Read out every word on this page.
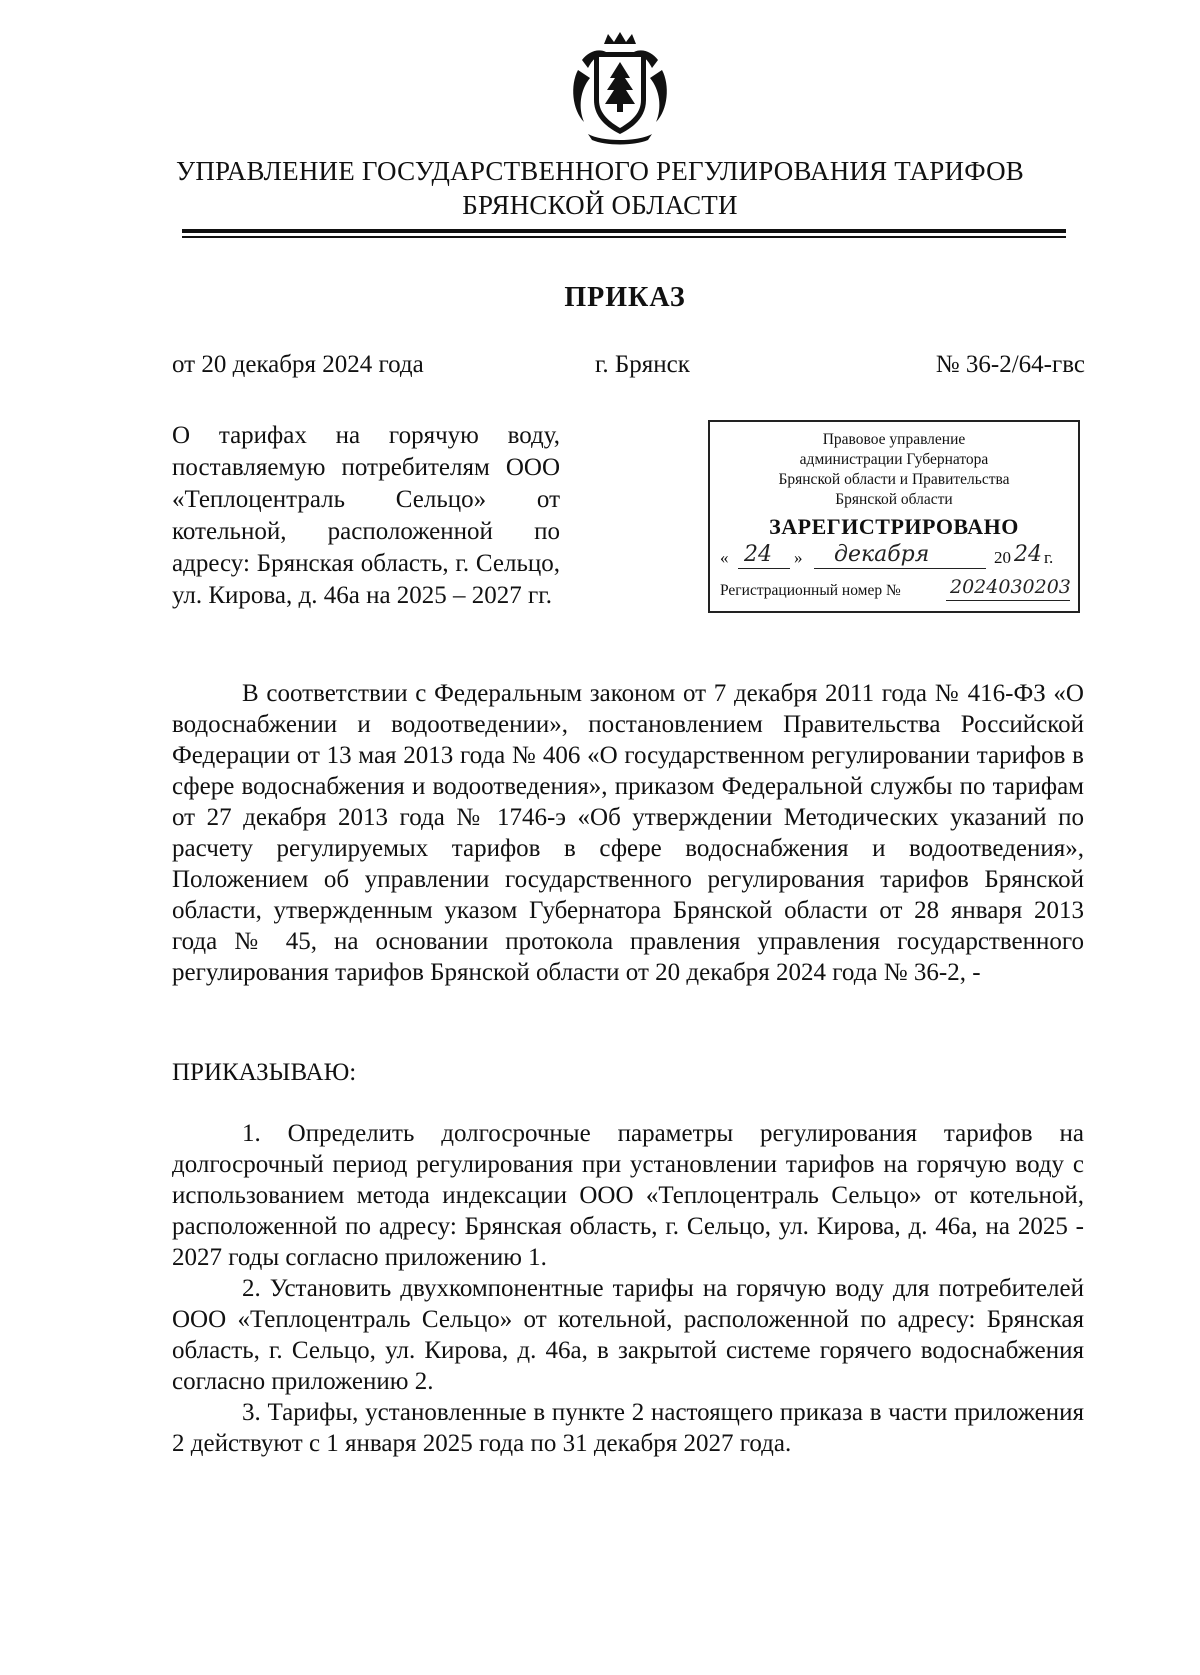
УПРАВЛЕНИЕ ГОСУДАРСТВЕННОГО РЕГУЛИРОВАНИЯ ТАРИФОВ
БРЯНСКОЙ ОБЛАСТИ
ПРИКАЗ
от 20 декабря 2024 года	г. Брянск	№ 36-2/64-гвс
О тарифах на горячую воду, поставляемую потребителям ООО «Теплоцентраль Сельцо» от котельной, расположенной по адресу: Брянская область, г. Сельцо, ул. Кирова, д. 46а на 2025 – 2027 гг.
Правовое управление
администрации Губернатора
Брянской области и Правительства
Брянской области
ЗАРЕГИСТРИРОВАНО
« 24 » декабря	20 24 г.
Регистрационный номер №	2024030203
В соответствии с Федеральным законом от 7 декабря 2011 года № 416-ФЗ «О водоснабжении и водоотведении», постановлением Правительства Российской Федерации от 13 мая 2013 года № 406 «О государственном регулировании тарифов в сфере водоснабжения и водоотведения», приказом Федеральной службы по тарифам от 27 декабря 2013 года № 1746-э «Об утверждении Методических указаний по расчету регулируемых тарифов в сфере водоснабжения и водоотведения», Положением об управлении государственного регулирования тарифов Брянской области, утвержденным указом Губернатора Брянской области от 28 января 2013 года № 45, на основании протокола правления управления государственного регулирования тарифов Брянской области от 20 декабря 2024 года № 36-2, -
ПРИКАЗЫВАЮ:

1. Определить долгосрочные параметры регулирования тарифов на долгосрочный период регулирования при установлении тарифов на горячую воду с использованием метода индексации ООО «Теплоцентраль Сельцо» от котельной, расположенной по адресу: Брянская область, г. Сельцо, ул. Кирова, д. 46а, на 2025 - 2027 годы согласно приложению 1.

2. Установить двухкомпонентные тарифы на горячую воду для потребителей ООО «Теплоцентраль Сельцо» от котельной, расположенной по адресу: Брянская область, г. Сельцо, ул. Кирова, д. 46а, в закрытой системе горячего водоснабжения согласно приложению 2.

3. Тарифы, установленные в пункте 2 настоящего приказа в части приложения 2 действуют с 1 января 2025 года по 31 декабря 2027 года.
